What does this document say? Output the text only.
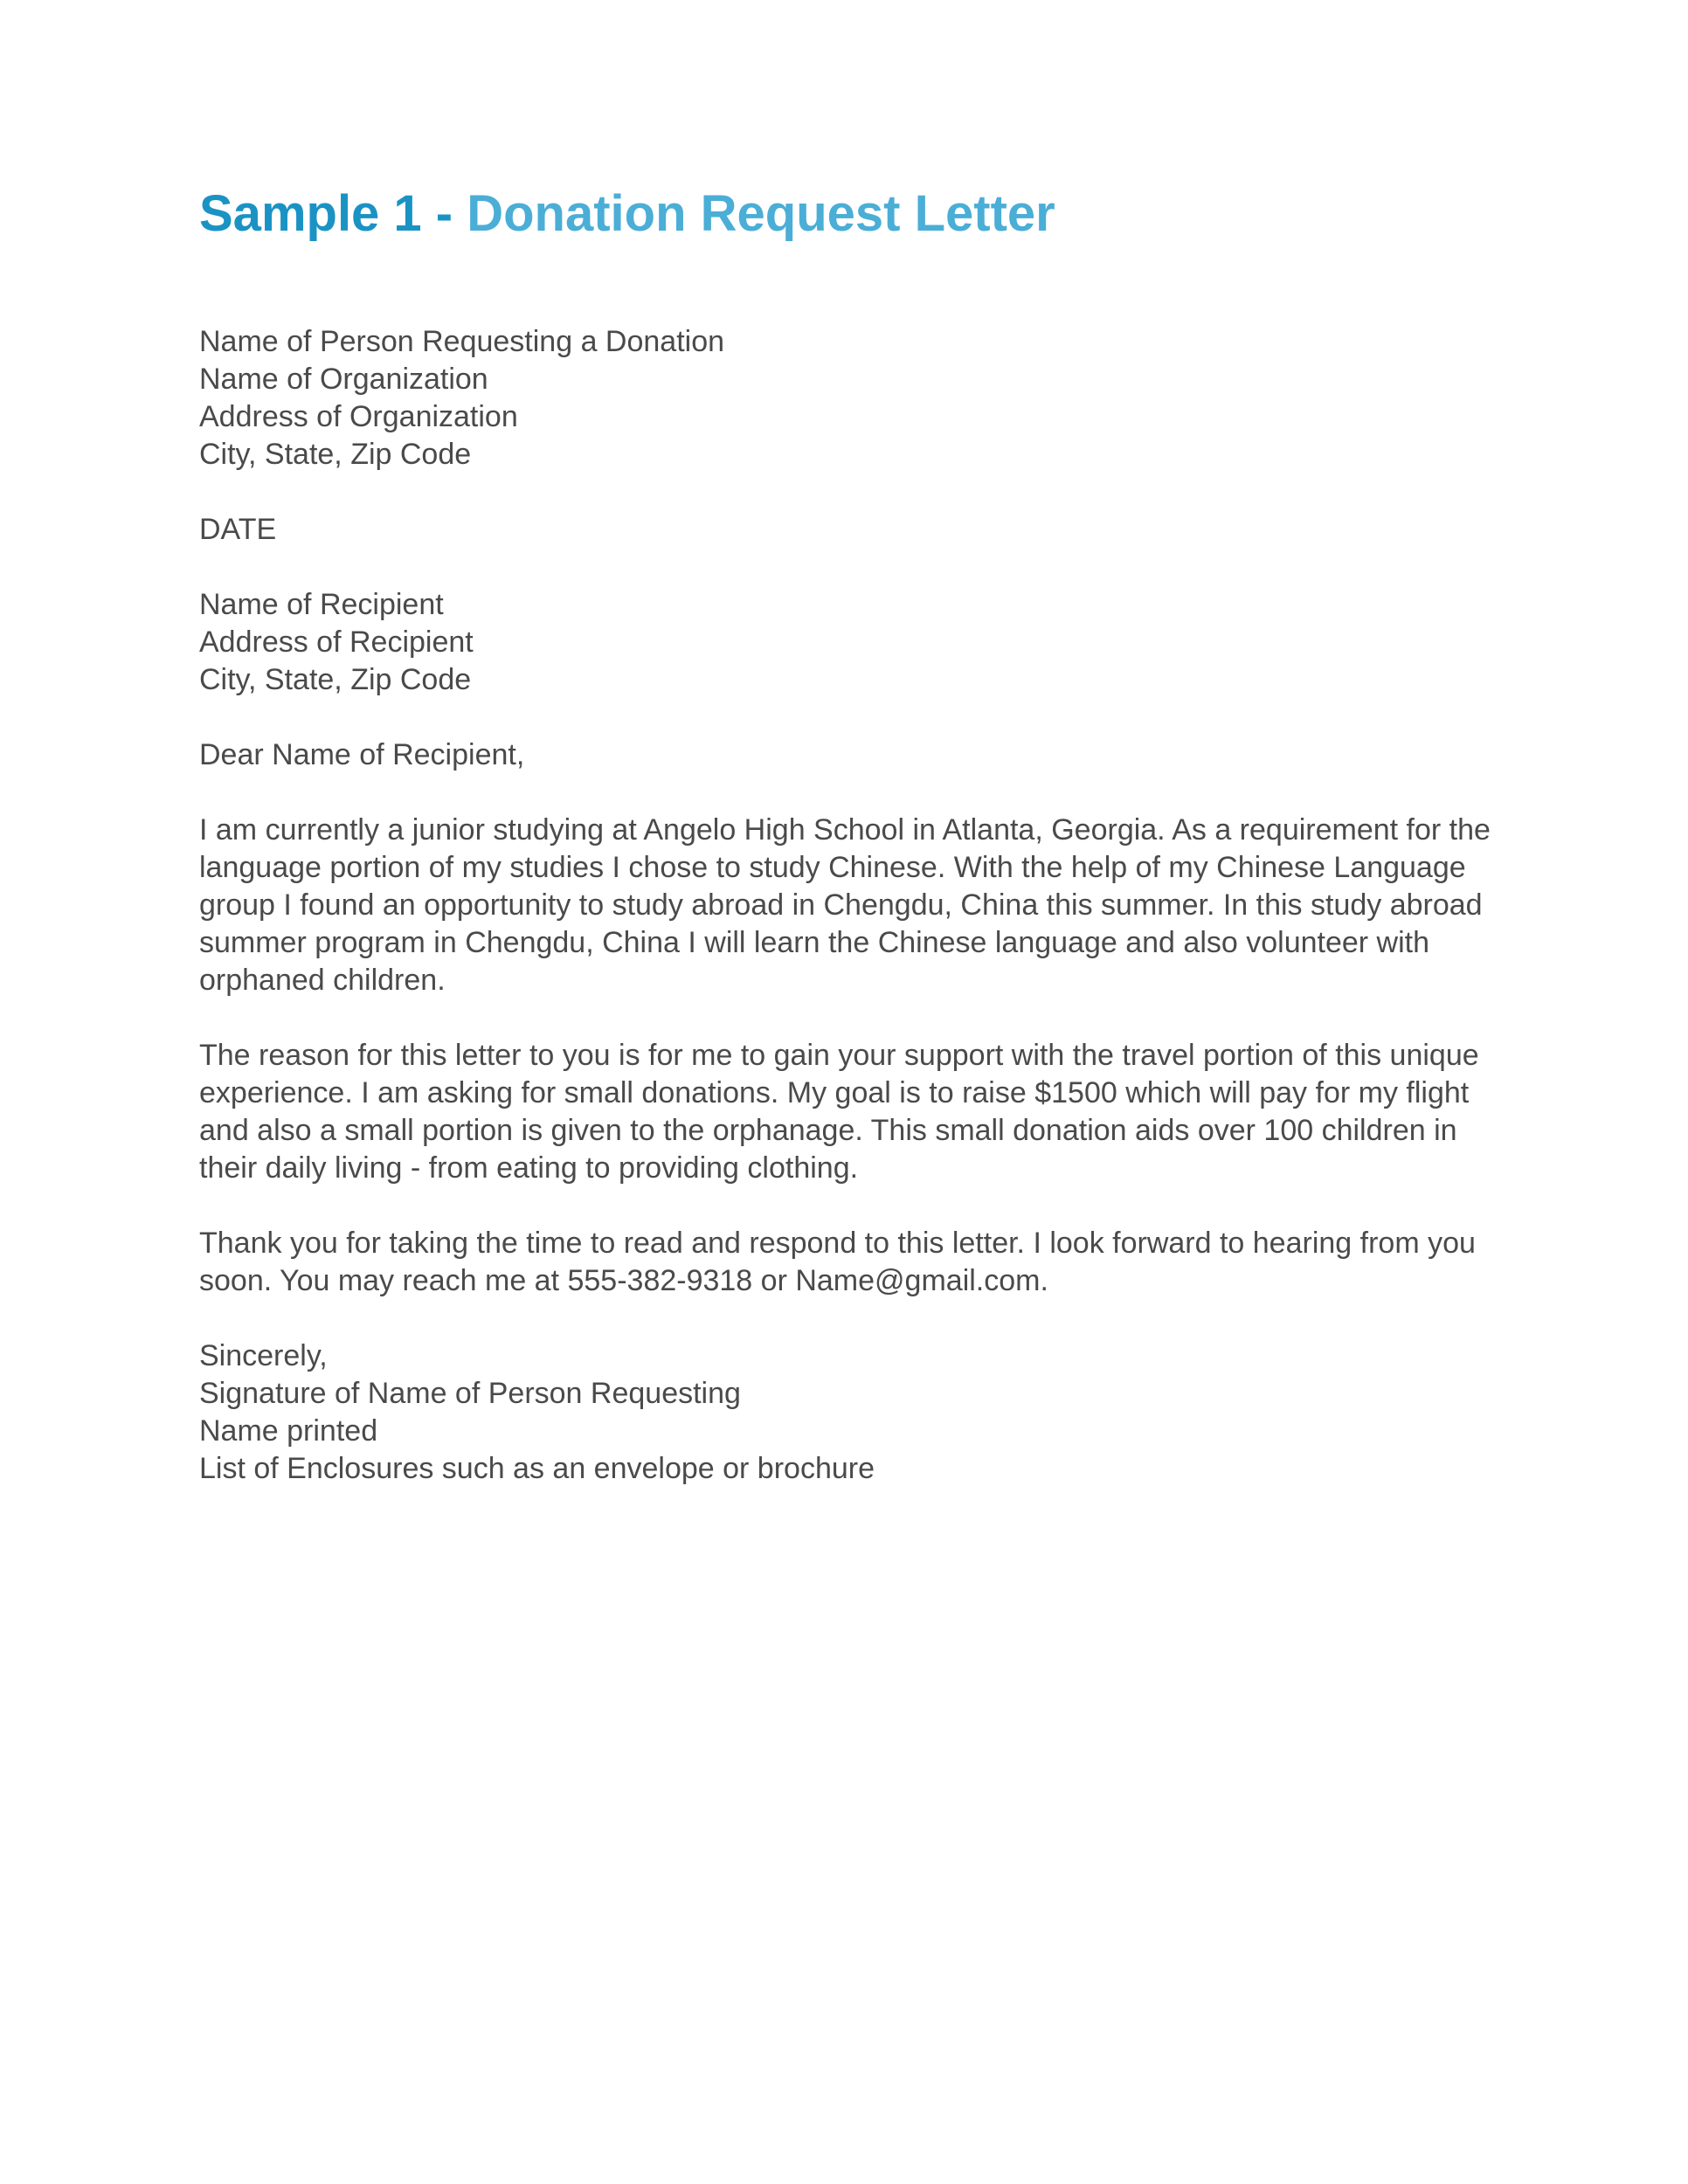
Sample 1 - Donation Request Letter
Name of Person Requesting a Donation
Name of Organization
Address of Organization
City, State, Zip Code
DATE
Name of Recipient
Address of Recipient
City, State, Zip Code
Dear Name of Recipient,

I am currently a junior studying at Angelo High School in Atlanta, Georgia. As a requirement for the language portion of my studies I chose to study Chinese. With the help of my Chinese Language group I found an opportunity to study abroad in Chengdu, China this summer. In this study abroad summer program in Chengdu, China I will learn the Chinese language and also volunteer with orphaned children.

The reason for this letter to you is for me to gain your support with the travel portion of this unique experience. I am asking for small donations. My goal is to raise $1500 which will pay for my flight and also a small portion is given to the orphanage. This small donation aids over 100 children in their daily living - from eating to providing clothing.

Thank you for taking the time to read and respond to this letter. I look forward to hearing from you soon. You may reach me at 555-382-9318 or Name@gmail.com.

Sincerely,
Signature of Name of Person Requesting
Name printed
List of Enclosures such as an envelope or brochure
